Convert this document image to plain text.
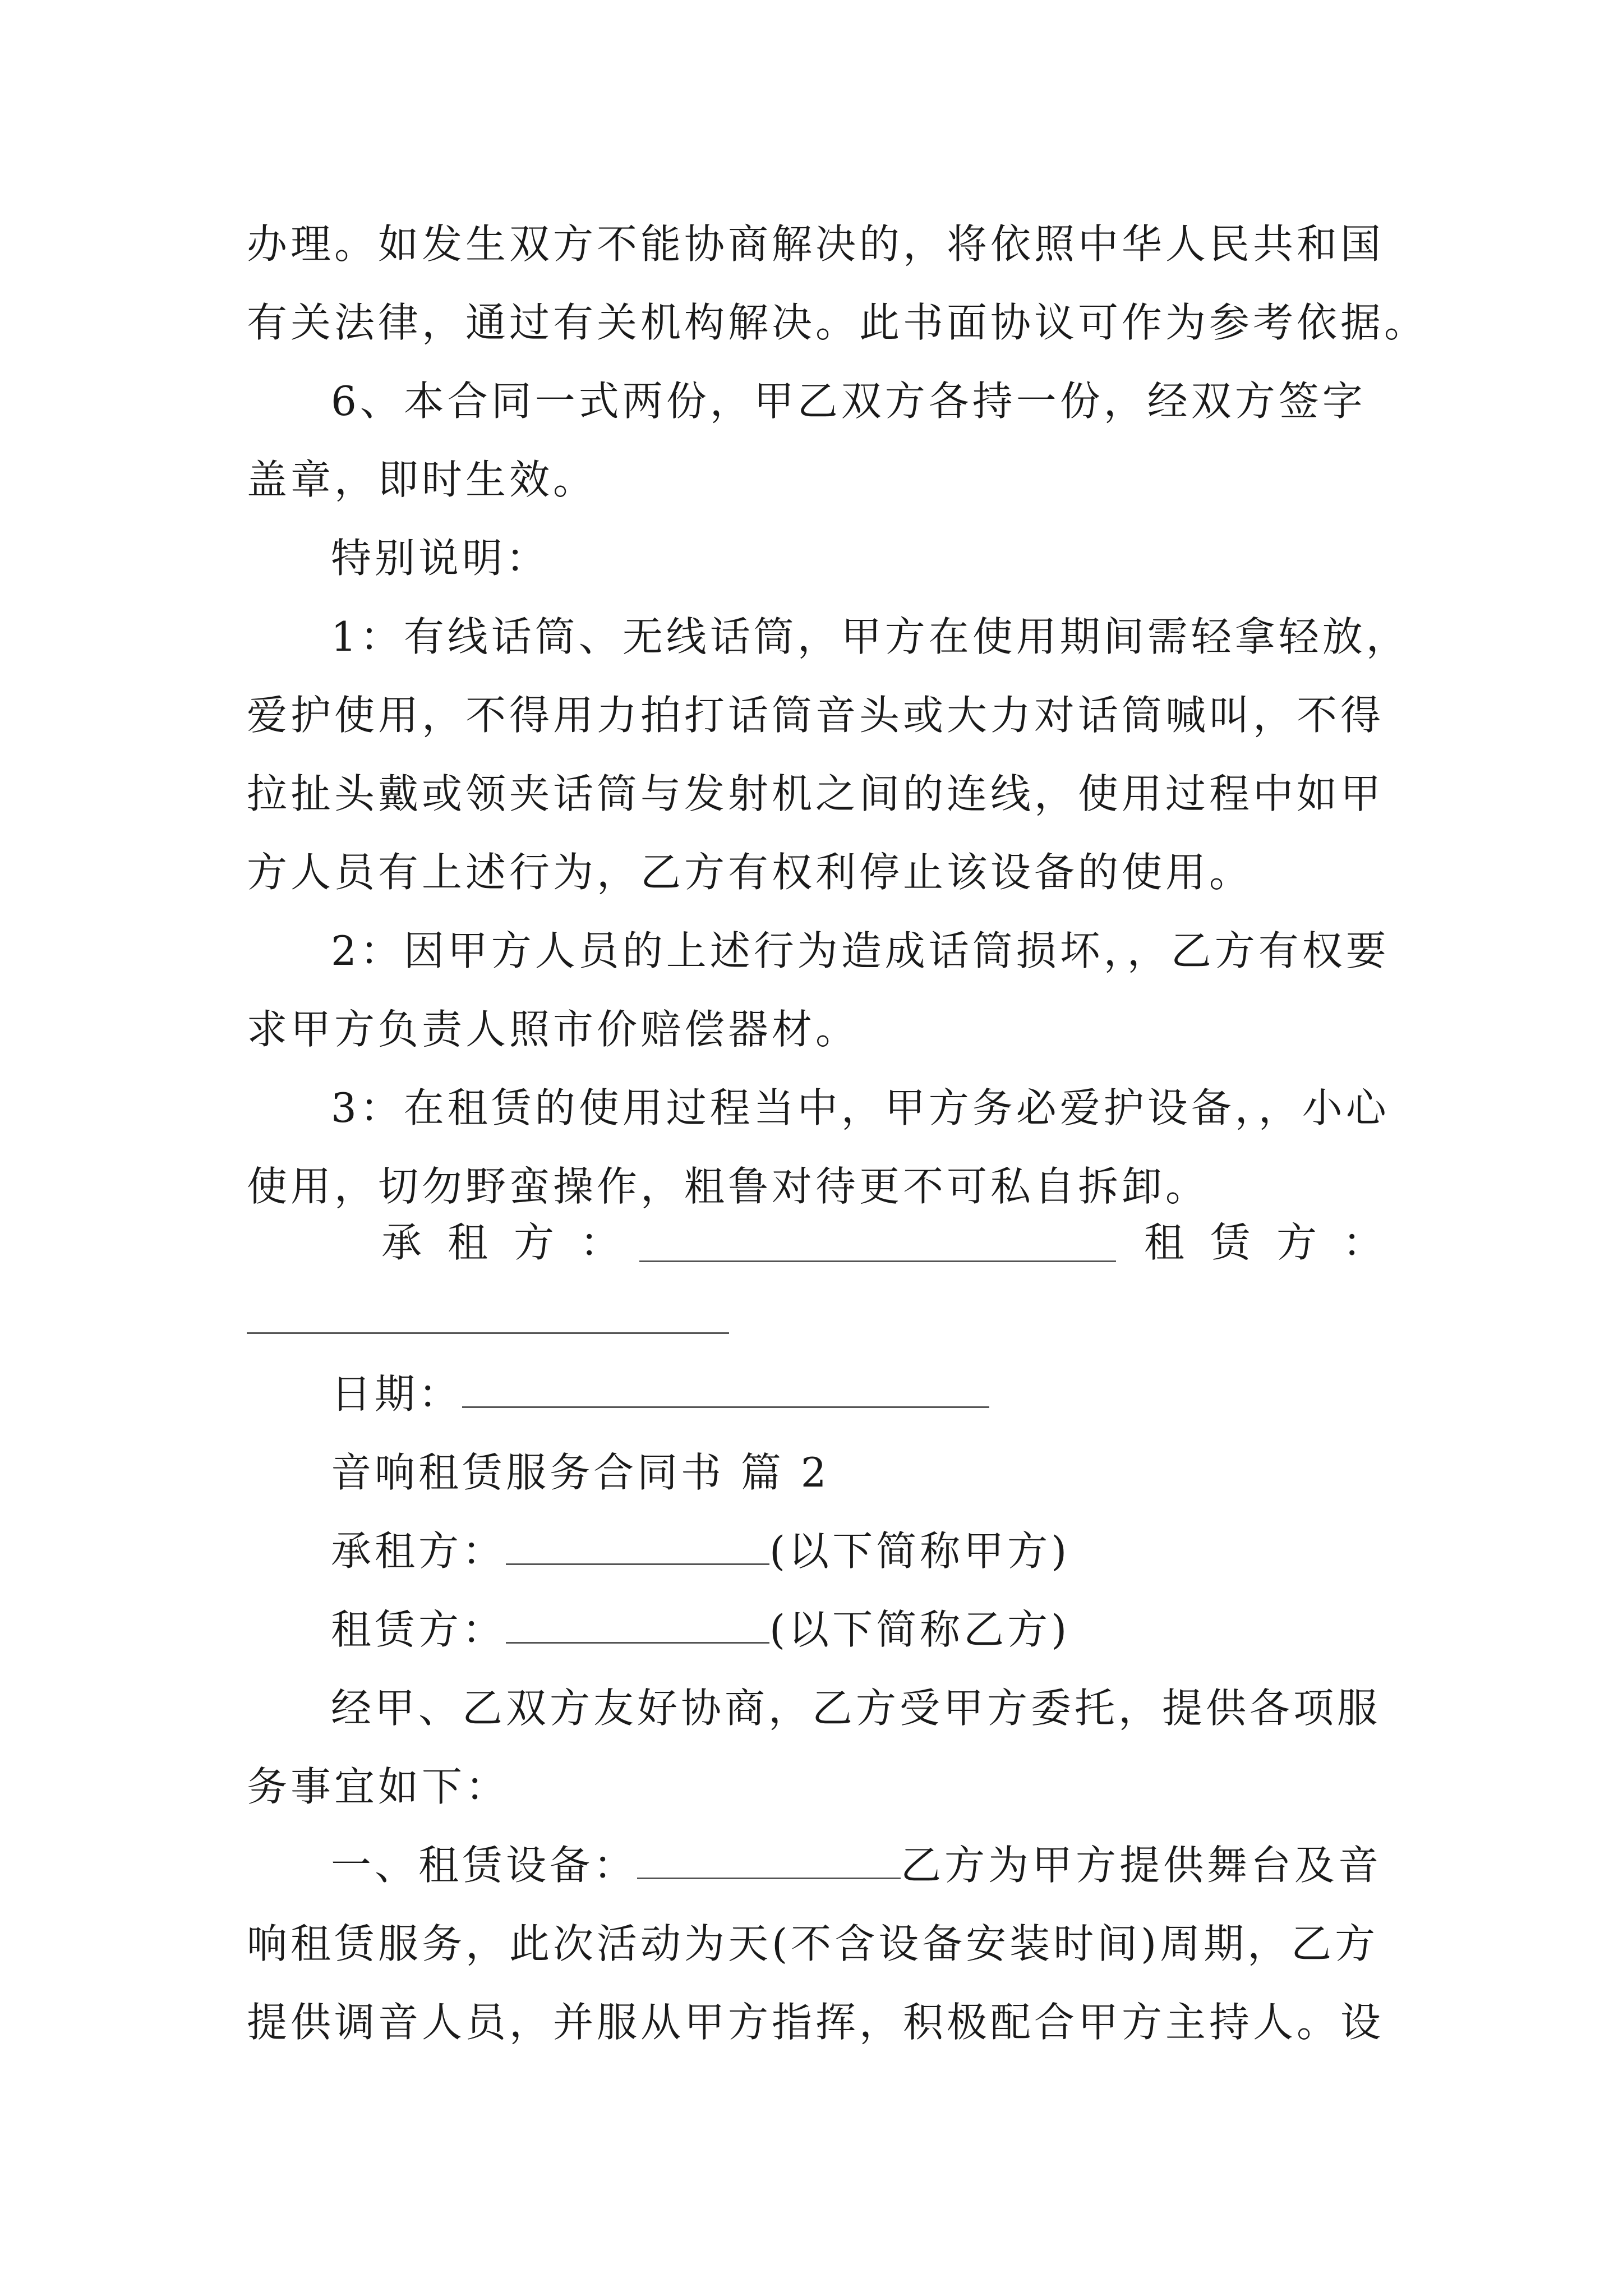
办理。如发生双方不能协商解决的，将依照中华人民共和国
有关法律，通过有关机构解决。此书面协议可作为参考依据。
6、本合同一式两份，甲乙双方各持一份，经双方签字
盖章，即时生效。
特别说明：
1：有线话筒、无线话筒，甲方在使用期间需轻拿轻放，
爱护使用，不得用力拍打话筒音头或大力对话筒喊叫，不得
拉扯头戴或领夹话筒与发射机之间的连线，使用过程中如甲
方人员有上述行为，乙方有权利停止该设备的使用。
2：因甲方人员的上述行为造成话筒损坏，，乙方有权要
求甲方负责人照市价赔偿器材。
3：在租赁的使用过程当中，甲方务必爱护设备，，小心
使用，切勿野蛮操作，粗鲁对待更不可私自拆卸。
承租方：	租赁方：
日期：
音响租赁服务合同书 篇 2
承租方：	(以下简称甲方)
租赁方：	(以下简称乙方)
经甲、乙双方友好协商，乙方受甲方委托，提供各项服
务事宜如下：
一、租赁设备：	乙方为甲方提供舞台及音
响租赁服务，此次活动为天(不含设备安装时间)周期，乙方
提供调音人员，并服从甲方指挥，积极配合甲方主持人。设
